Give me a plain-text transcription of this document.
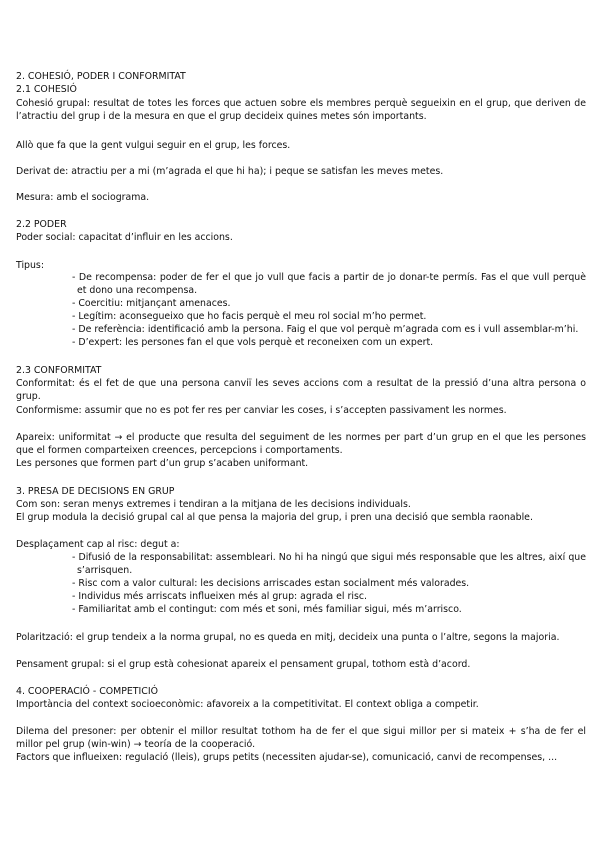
2. COHESIÓ, PODER I CONFORMITAT

2.1 COHESIÓ

Cohesió grupal: resultat de totes les forces que actuen sobre els membres perquè segueixin en el grup, que deriven de l’atractiu del grup i de la mesura en que el grup decideix quines metes són importants.

Allò que fa que la gent vulgui seguir en el grup, les forces.

Derivat de: atractiu per a mi (m’agrada el que hi ha); i peque se satisfan les meves metes.

Mesura: amb el sociograma.

2.2 PODER

Poder social: capacitat d’influir en les accions.

Tipus:

- De recompensa: poder de fer el que jo vull que facis a partir de jo donar-te permís. Fas el que vull perquè et dono una recompensa.

- Coercitiu: mitjançant amenaces.

- Legítim: aconsegueixo que ho facis perquè el meu rol social m’ho permet.

- De referència: identificació amb la persona. Faig el que vol perquè m’agrada com es i vull assemblar-m’hi.

- D’expert: les persones fan el que vols perquè et reconeixen com un expert.

2.3 CONFORMITAT

Conformitat: és el fet de que una persona canviï les seves accions com a resultat de la pressió d’una altra persona o grup.

Conformisme: assumir que no es pot fer res per canviar les coses, i s’accepten passivament les normes.

Apareix: uniformitat → el producte que resulta del seguiment de les normes per part d’un grup en el que les persones que el formen comparteixen creences, percepcions i comportaments.

Les persones que formen part d’un grup s’acaben uniformant.

3. PRESA DE DECISIONS EN GRUP

Com son: seran menys extremes i tendiran a la mitjana de les decisions individuals.

El grup modula la decisió grupal cal al que pensa la majoria del grup, i pren una decisió que sembla raonable.

Desplaçament cap al risc: degut a:

- Difusió de la responsabilitat: assembleari. No hi ha ningú que sigui més responsable que les altres, així que s’arrisquen.

- Risc com a valor cultural: les decisions arriscades estan socialment més valorades.

- Individus més arriscats influeixen més al grup: agrada el risc.

- Familiaritat amb el contingut: com més et soni, més familiar sigui, més m’arrisco.

Polarització: el grup tendeix a la norma grupal, no es queda en mitj, decideix una punta o l’altre, segons la majoria.

Pensament grupal: si el grup està cohesionat apareix el pensament grupal, tothom està d’acord.

4. COOPERACIÓ - COMPETICIÓ

Importància del context socioeconòmic: afavoreix a la competitivitat. El context obliga a competir.

Dilema del presoner: per obtenir el millor resultat tothom ha de fer el que sigui millor per si mateix + s’ha de fer el millor pel grup (win-win) → teoría de la cooperació.

Factors que influeixen: regulació (lleis), grups petits (necessiten ajudar-se), comunicació, canvi de recompenses, ...
